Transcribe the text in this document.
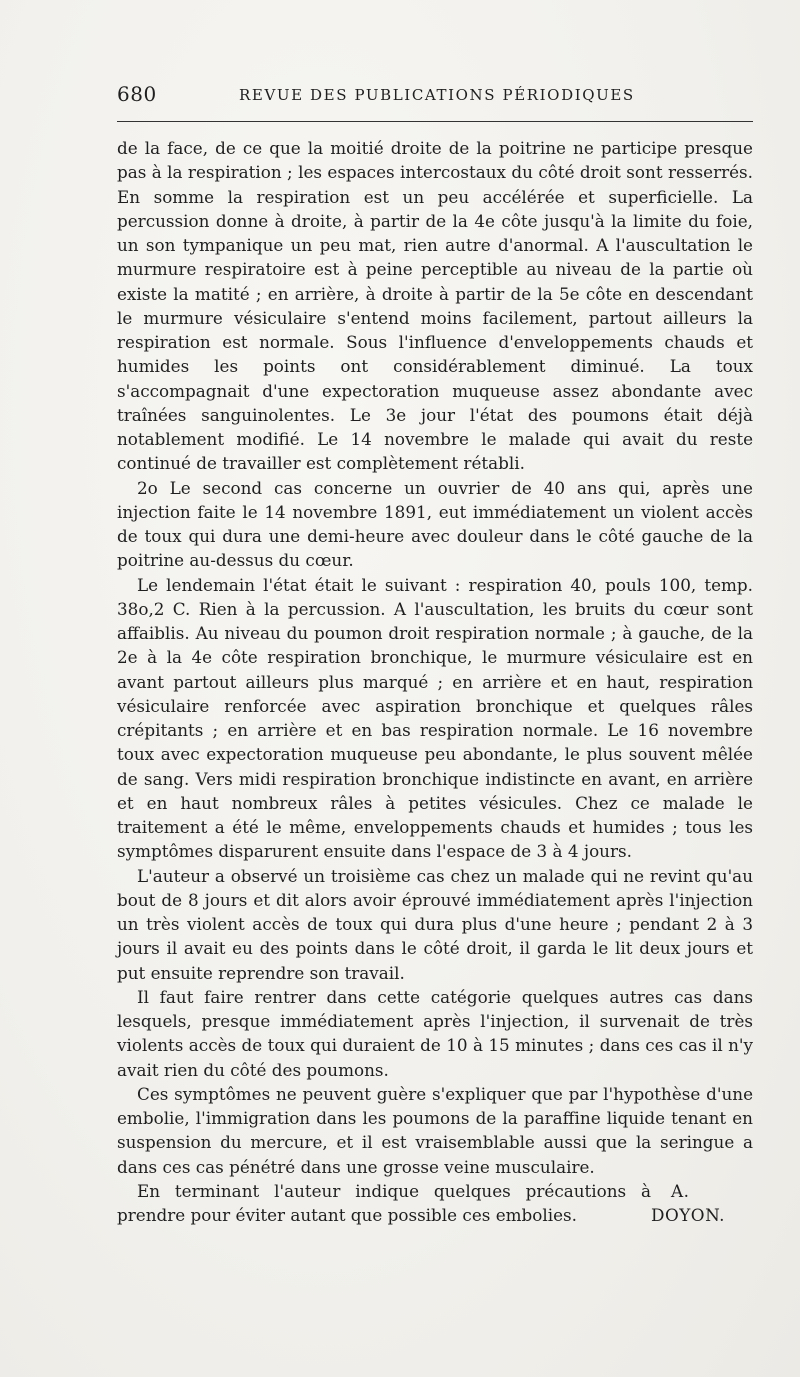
680	REVUE DES PUBLICATIONS PÉRIODIQUES

de la face, de ce que la moitié droite de la poitrine ne participe presque pas à la respiration ; les espaces intercostaux du côté droit sont resserrés. En somme la respiration est un peu accélérée et superficielle. La percussion donne à droite, à partir de la 4e côte jusqu'à la limite du foie, un son tympanique un peu mat, rien autre d'anormal. A l'auscultation le murmure respiratoire est à peine perceptible au niveau de la partie où existe la matité ; en arrière, à droite à partir de la 5e côte en descendant le murmure vésiculaire s'entend moins facilement, partout ailleurs la respiration est normale. Sous l'influence d'enveloppements chauds et humides les points ont considérablement diminué. La toux s'accompagnait d'une expectoration muqueuse assez abondante avec traînées sanguinolentes. Le 3e jour l'état des poumons était déjà notablement modifié. Le 14 novembre le malade qui avait du reste continué de travailler est complètement rétabli.

2o Le second cas concerne un ouvrier de 40 ans qui, après une injection faite le 14 novembre 1891, eut immédiatement un violent accès de toux qui dura une demi-heure avec douleur dans le côté gauche de la poitrine au-dessus du cœur.

Le lendemain l'état était le suivant : respiration 40, pouls 100, temp. 38o,2 C. Rien à la percussion. A l'auscultation, les bruits du cœur sont affaiblis. Au niveau du poumon droit respiration normale ; à gauche, de la 2e à la 4e côte respiration bronchique, le murmure vésiculaire est en avant partout ailleurs plus marqué ; en arrière et en haut, respiration vésiculaire renforcée avec aspiration bronchique et quelques râles crépitants ; en arrière et en bas respiration normale. Le 16 novembre toux avec expectoration muqueuse peu abondante, le plus souvent mêlée de sang. Vers midi respiration bronchique indistincte en avant, en arrière et en haut nombreux râles à petites vésicules. Chez ce malade le traitement a été le même, enveloppements chauds et humides ; tous les symptômes disparurent ensuite dans l'espace de 3 à 4 jours.

L'auteur a observé un troisième cas chez un malade qui ne revint qu'au bout de 8 jours et dit alors avoir éprouvé immédiatement après l'injection un très violent accès de toux qui dura plus d'une heure ; pendant 2 à 3 jours il avait eu des points dans le côté droit, il garda le lit deux jours et put ensuite reprendre son travail.

Il faut faire rentrer dans cette catégorie quelques autres cas dans lesquels, presque immédiatement après l'injection, il survenait de très violents accès de toux qui duraient de 10 à 15 minutes ; dans ces cas il n'y avait rien du côté des poumons.

Ces symptômes ne peuvent guère s'expliquer que par l'hypothèse d'une embolie, l'immigration dans les poumons de la paraffine liquide tenant en suspension du mercure, et il est vraisemblable aussi que la seringue a dans ces cas pénétré dans une grosse veine musculaire.

En terminant l'auteur indique quelques précautions à prendre pour éviter autant que possible ces embolies.
A. DOYON.
